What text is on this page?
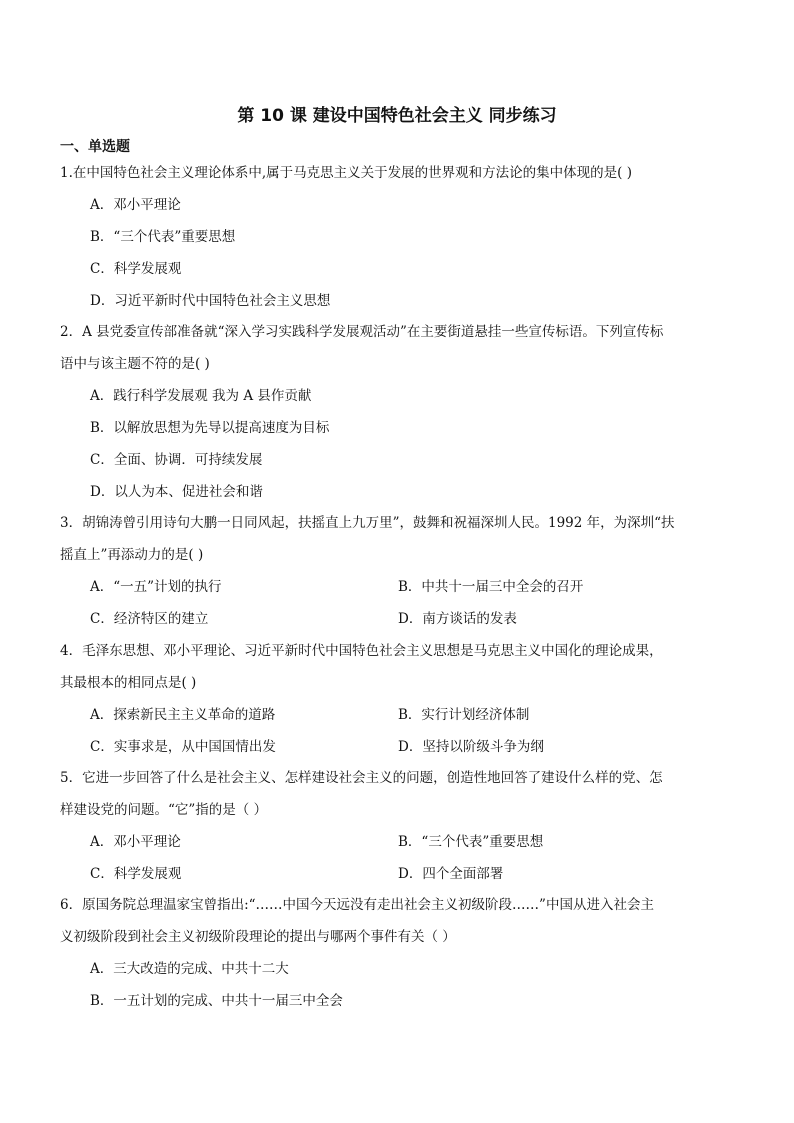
第 10 课 建设中国特色社会主义 同步练习
一、单选题
1.在中国特色社会主义理论体系中,属于马克思主义关于发展的世界观和方法论的集中体现的是( )
A．邓小平理论
B．“三个代表”重要思想
C．科学发展观
D．习近平新时代中国特色社会主义思想
2．A 县党委宣传部准备就“深入学习实践科学发展观活动”在主要街道悬挂一些宣传标语。下列宣传标
语中与该主题不符的是( )
A．践行科学发展观 我为 A 县作贡献
B．以解放思想为先导以提高速度为目标
C．全面、协调．可持续发展
D．以人为本、促进社会和谐
3．胡锦涛曾引用诗句大鹏一日同风起，扶摇直上九万里”，鼓舞和祝福深圳人民。1992 年，为深圳“扶
摇直上”再添动力的是( )
A．“一五”计划的执行	B．中共十一届三中全会的召开
C．经济特区的建立	D．南方谈话的发表
4．毛泽东思想、邓小平理论、习近平新时代中国特色社会主义思想是马克思主义中国化的理论成果，
其最根本的相同点是( )
A．探索新民主主义革命的道路	B．实行计划经济体制
C．实事求是，从中国国情出发	D．坚持以阶级斗争为纲
5．它进一步回答了什么是社会主义、怎样建设社会主义的问题，创造性地回答了建设什么样的党、怎
样建设党的问题。“它”指的是（ ）
A．邓小平理论	B．“三个代表”重要思想
C．科学发展观	D．四个全面部署
6．原国务院总理温家宝曾指出:“……中国今天远没有走出社会主义初级阶段……”中国从进入社会主
义初级阶段到社会主义初级阶段理论的提出与哪两个事件有关（ ）
A．三大改造的完成、中共十二大
B．一五计划的完成、中共十一届三中全会
